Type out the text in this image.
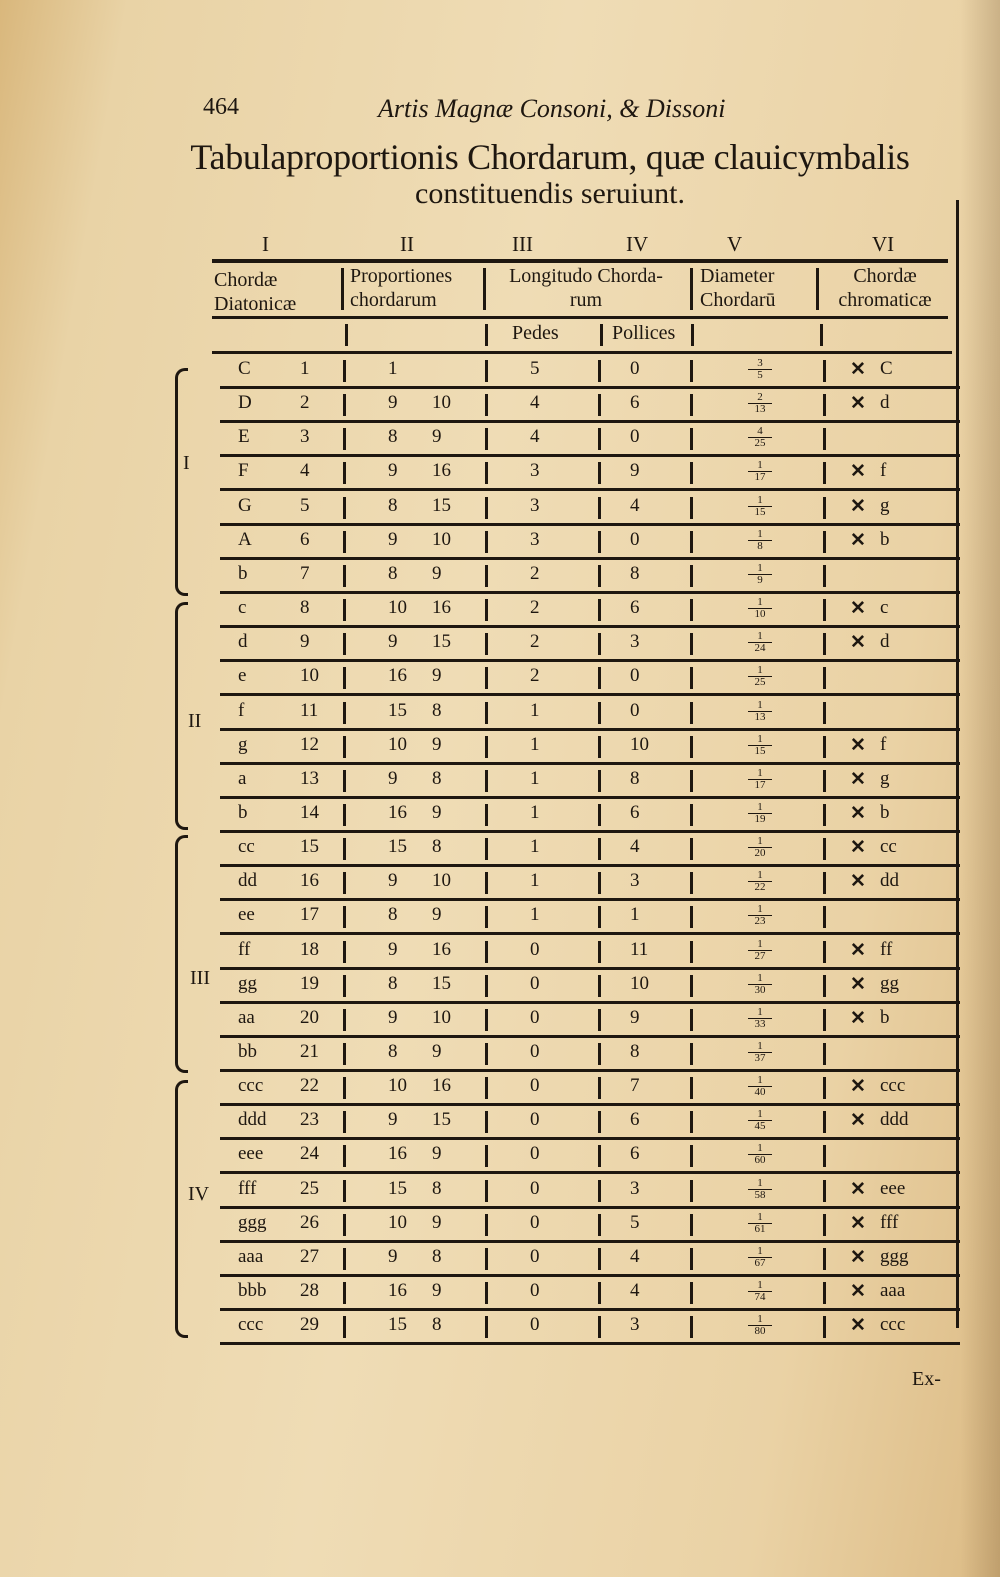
464	Artis Magnæ Consoni, & Dissoni
Tabulaproportionis Chordarum, quæ clauicymbalis
constituendis seruiunt.
I	II	III	IV	V	VI
Chordæ
Diatonicæ
Proportiones
chordarum
Longitudo Chorda-
rum
Diameter
Chordarū
Chordæ
chromaticæ
Pedes	Pollices
I
II
III
IV
C	1	1	5	0	$\frac{3}{5}$	✕ C
D	2	9 10	4	6	$\frac{2}{13}$	✕ d
E	3	8 9	4	0	$\frac{4}{25}$
F	4	9 16	3	9	$\frac{1}{17}$	✕ f
G	5	8 15	3	4	$\frac{1}{15}$	✕ g
A	6	9 10	3	0	$\frac{1}{8}$	✕ b
b	7	8 9	2	8	$\frac{1}{9}$
c	8	10 16	2	6	$\frac{1}{10}$	✕ c
d	9	9 15	2	3	$\frac{1}{24}$	✕ d
e	10	16 9	2	0	$\frac{1}{25}$
f	11	15 8	1	0	$\frac{1}{13}$
g	12	10 9	1	10	$\frac{1}{15}$	✕ f
a	13	9 8	1	8	$\frac{1}{17}$	✕ g
b	14	16 9	1	6	$\frac{1}{19}$	✕ b
cc 15	15 8	1	4	$\frac{1}{20}$	✕ cc
dd 16	9 10	1	3	$\frac{1}{22}$	✕ dd
ee 17	8 9	1	1	$\frac{1}{23}$
ff	18	9 16	0	11	$\frac{1}{27}$	✕ ff
gg 19	8 15	0	10	$\frac{1}{30}$	✕ gg
aa 20	9 10	0	9	$\frac{1}{33}$	✕ b
bb 21	8 9	0	8	$\frac{1}{37}$
ccc 22	10 16	0	7	$\frac{1}{40}$	✕ ccc
ddd 23	9 15	0	6	$\frac{1}{45}$	✕ ddd
eee 24	16 9	0	6	$\frac{1}{60}$
fff 25	15 8	0	3	$\frac{1}{58}$	✕ eee
ggg 26	10 9	0	5	$\frac{1}{61}$	✕ fff
aaa 27	9 8	0	4	$\frac{1}{67}$	✕ ggg
bbb 28	16 9	0	4	$\frac{1}{74}$	✕ aaa
ccc 29	15 8	0	3	$\frac{1}{80}$	✕ ccc
Ex-
